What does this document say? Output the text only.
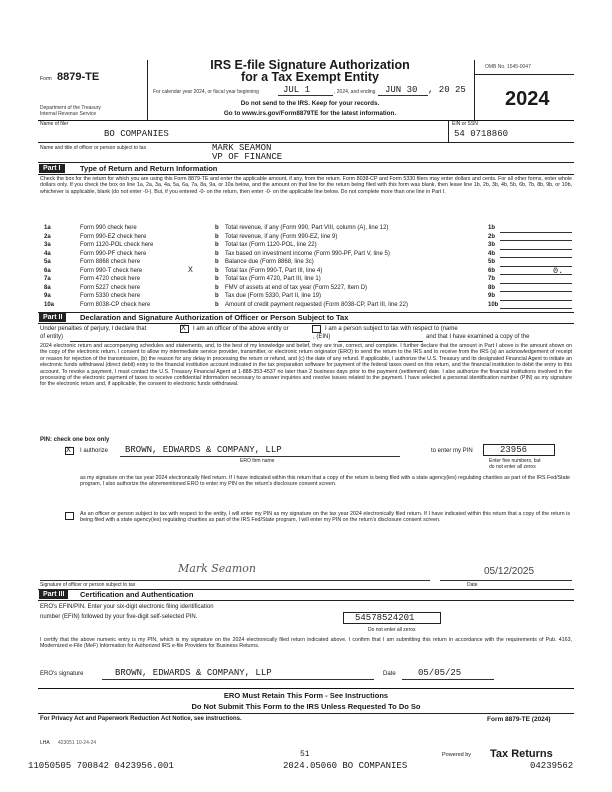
Form 8879-TE
Department of the Treasury
Internal Revenue Service
IRS E-file Signature Authorization
for a Tax Exempt Entity
For calendar year 2024, or fiscal year beginning	JUL 1	, 2024, and ending JUN 30 , 20 25
Do not send to the IRS. Keep for your records.
Go to www.irs.gov/Form8879TE for the latest information.
OMB No. 1545-0047
2024
Name of filer
BO COMPANIES
EIN or SSN
54 0718860
Name and title of officer or person subject to tax	MARK SEAMON
VP OF FINANCE
Part I	Type of Return and Return Information
Check the box for the return for which you are using this Form 8879-TE and enter the applicable amount, if any, from the return. Form 8038-CP and Form 5330 filers may enter dollars and cents. For all other forms, enter whole dollars only. If you check the box on line 1a, 2a, 3a, 4a, 5a, 6a, 7a, 8a, 9a, or 10a below, and the amount on that line for the return being filed with this form was blank, then leave line 1b, 2b, 3b, 4b, 5b, 6b, 7b, 8b, 9b, or 10b, whichever is applicable, blank (do not enter -0-). But, if you entered -0- on the return, then enter -0- on the applicable line below. Do not complete more than one line in Part I.
1a	Form 990 check here	b Total revenue, if any (Form 990, Part VIII, column (A), line 12)	1b
2a	Form 990-EZ check here	b Total revenue, if any (Form 990-EZ, line 9)	2b
3a	Form 1120-POL check here	b Total tax (Form 1120-POL, line 22)	3b
4a	Form 990-PF check here	b Tax based on investment income (Form 990-PF, Part V, line 5)	4b
5a	Form 8868 check here	b Balance due (Form 8868, line 3c)	5b
6a	Form 990-T check here	X	b Total tax (Form 990-T, Part III, line 4)	6b	0.
7a	Form 4720 check here	b Total tax (Form 4720, Part III, line 1)	7b
8a	Form 5227 check here	b FMV of assets at end of tax year (Form 5227, Item D)	8b
9a	Form 5330 check here	b Tax due (Form 5330, Part II, line 19)	9b
10a	Form 8038-CP check here	b Amount of credit payment requested (Form 8038-CP, Part III, line 22)	10b
Part II	Declaration and Signature Authorization of Officer or Person Subject to Tax
Under penalties of perjury, I declare that	X I am an officer of the above entity or	I am a person subject to tax with respect to (name
of entity)	, (EIN)	and that I have examined a copy of the
2024 electronic return and accompanying schedules and statements, and, to the best of my knowledge and belief, they are true, correct, and complete. I further declare that the amount in Part I above is the amount shown on the copy of the electronic return. I consent to allow my intermediate service provider, transmitter, or electronic return originator (ERO) to send the return to the IRS and to receive from the IRS (a) an acknowledgement of receipt or reason for rejection of the transmission, (b) the reason for any delay in processing the return or refund, and (c) the date of any refund. If applicable, I authorize the U.S. Treasury and its designated Financial Agent to initiate an electronic funds withdrawal (direct debit) entry to the financial institution account indicated in the tax preparation software for payment of the federal taxes owed on this return, and the financial institution to debit the entry to this account. To revoke a payment, I must contact the U.S. Treasury Financial Agent at 1-888-353-4537 no later than 2 business days prior to the payment (settlement) date. I also authorize the financial institutions involved in the processing of the electronic payment of taxes to receive confidential information necessary to answer inquiries and resolve issues related to the payment. I have selected a personal identification number (PIN) as my signature for the electronic return and, if applicable, the consent to electronic funds withdrawal.
PIN: check one box only
X I authorize BROWN, EDWARDS & COMPANY, LLP
ERO firm name
to enter my PIN	23956
Enter five numbers, but
do not enter all zeros
as my signature on the tax year 2024 electronically filed return. If I have indicated within this return that a copy of the return is being filed with a state agency(ies) regulating charities as part of the IRS Fed/State program, I also authorize the aforementioned ERO to enter my PIN on the return's disclosure consent screen.
As an officer or person subject to tax with respect to the entity, I will enter my PIN as my signature on the tax year 2024 electronically filed return. If I have indicated within this return that a copy of the return is being filed with a state agency(ies) regulating charities as part of the IRS Fed/State program, I will enter my PIN on the return's disclosure consent screen.
Mark Seamon	05/12/2025
Signature of officer or person subject to tax	Date
Part III	Certification and Authentication
ERO's EFIN/PIN. Enter your six-digit electronic filing identification
number (EFIN) followed by your five-digit self-selected PIN.	54578524201
Do not enter all zeros
I certify that the above numeric entry is my PIN, which is my signature on the 2024 electronically filed return indicated above. I confirm that I am submitting this return in accordance with the requirements of Pub. 4163, Modernized e-File (MeF) Information for Authorized IRS e-file Providers for Business Returns.
ERO's signature	BROWN, EDWARDS & COMPANY, LLP	Date 05/05/25
ERO Must Retain This Form - See Instructions
Do Not Submit This Form to the IRS Unless Requested To Do So
For Privacy Act and Paperwork Reduction Act Notice, see instructions.	Form 8879-TE (2024)
LHA 423051 10-24-24
51	Powered by Tax Returns
11050505 700842 0423956.001	2024.05060 BO COMPANIES	04239562
